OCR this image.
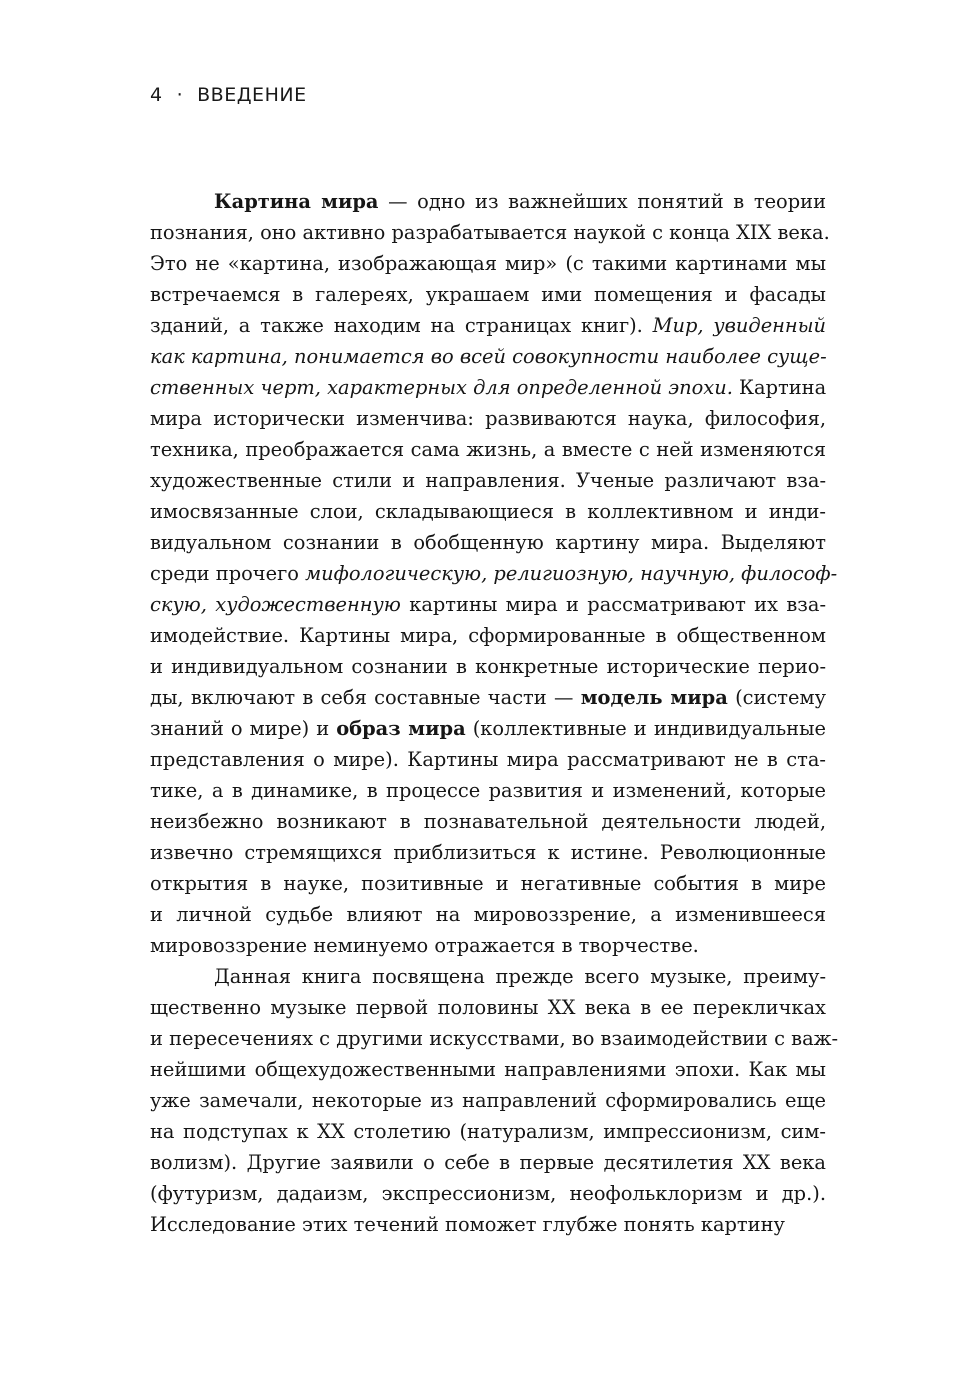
4 · ВВЕДЕНИЕ
Картина мира — одно из важнейших понятий в теории
познания, оно активно разрабатывается наукой с конца XIX века.
Это не «картина, изображающая мир» (с такими картинами мы
встречаемся в галереях, украшаем ими помещения и фасады
зданий, а также находим на страницах книг). Мир, увиденный
как картина, понимается во всей совокупности наиболее суще-
ственных черт, характерных для определенной эпохи. Картина
мира исторически изменчива: развиваются наука, философия,
техника, преображается сама жизнь, а вместе с ней изменяются
художественные стили и направления. Ученые различают вза-
имосвязанные слои, складывающиеся в коллективном и инди-
видуальном сознании в обобщенную картину мира. Выделяют
среди прочего мифологическую, религиозную, научную, философ-
скую, художественную картины мира и рассматривают их вза-
имодействие. Картины мира, сформированные в общественном
и индивидуальном сознании в конкретные исторические перио-
ды, включают в себя составные части — модель мира (систему
знаний о мире) и образ мира (коллективные и индивидуальные
представления о мире). Картины мира рассматривают не в ста-
тике, а в динамике, в процессе развития и изменений, которые
неизбежно возникают в познавательной деятельности людей,
извечно стремящихся приблизиться к истине. Революционные
открытия в науке, позитивные и негативные события в мире
и личной судьбе влияют на мировоззрение, а изменившееся
мировоззрение неминуемо отражается в творчестве.
Данная книга посвящена прежде всего музыке, преиму-
щественно музыке первой половины XX века в ее перекличках
и пересечениях с другими искусствами, во взаимодействии с важ-
нейшими общехудожественными направлениями эпохи. Как мы
уже замечали, некоторые из направлений сформировались еще
на подступах к XX столетию (натурализм, импрессионизм, сим-
волизм). Другие заявили о себе в первые десятилетия XX века
(футуризм, дадаизм, экспрессионизм, неофольклоризм и др.).
Исследование этих течений поможет глубже понять картину
